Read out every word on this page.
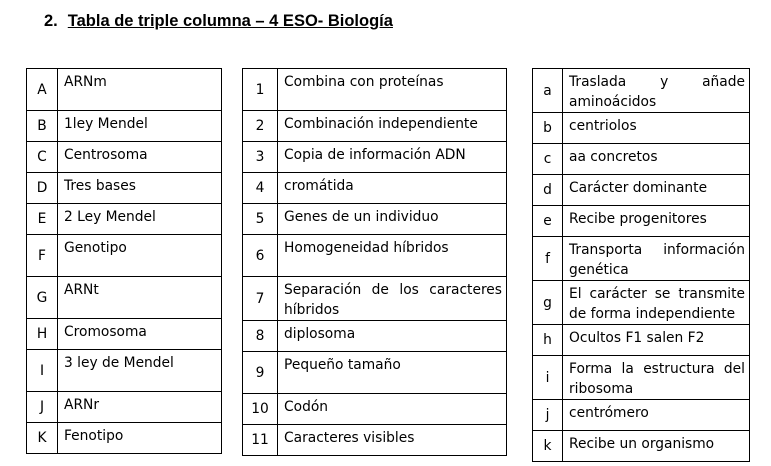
2. Tabla de triple columna – 4 ESO- Biología
A	ARNm
B	1ley Mendel
C	Centrosoma
D	Tres bases
E	2 Ley Mendel
F	Genotipo
G	ARNt
H	Cromosoma
I	3 ley de Mendel
J	ARNr
K	Fenotipo
1	Combina con proteínas
2	Combinación independiente
3	Copia de información ADN
4	cromátida
5	Genes de un individuo
6	Homogeneidad híbridos
7	Separación de los caracteres híbridos
8	diplosoma
9	Pequeño tamaño
10	Codón
11	Caracteres visibles
a	Traslada y añade aminoácidos
b	centriolos
c	aa concretos
d	Carácter dominante
e	Recibe progenitores
f	Transporta información genética
g	El carácter se transmite de forma independiente
h	Ocultos F1 salen F2
i	Forma la estructura del ribosoma
j	centrómero
k	Recibe un organismo
